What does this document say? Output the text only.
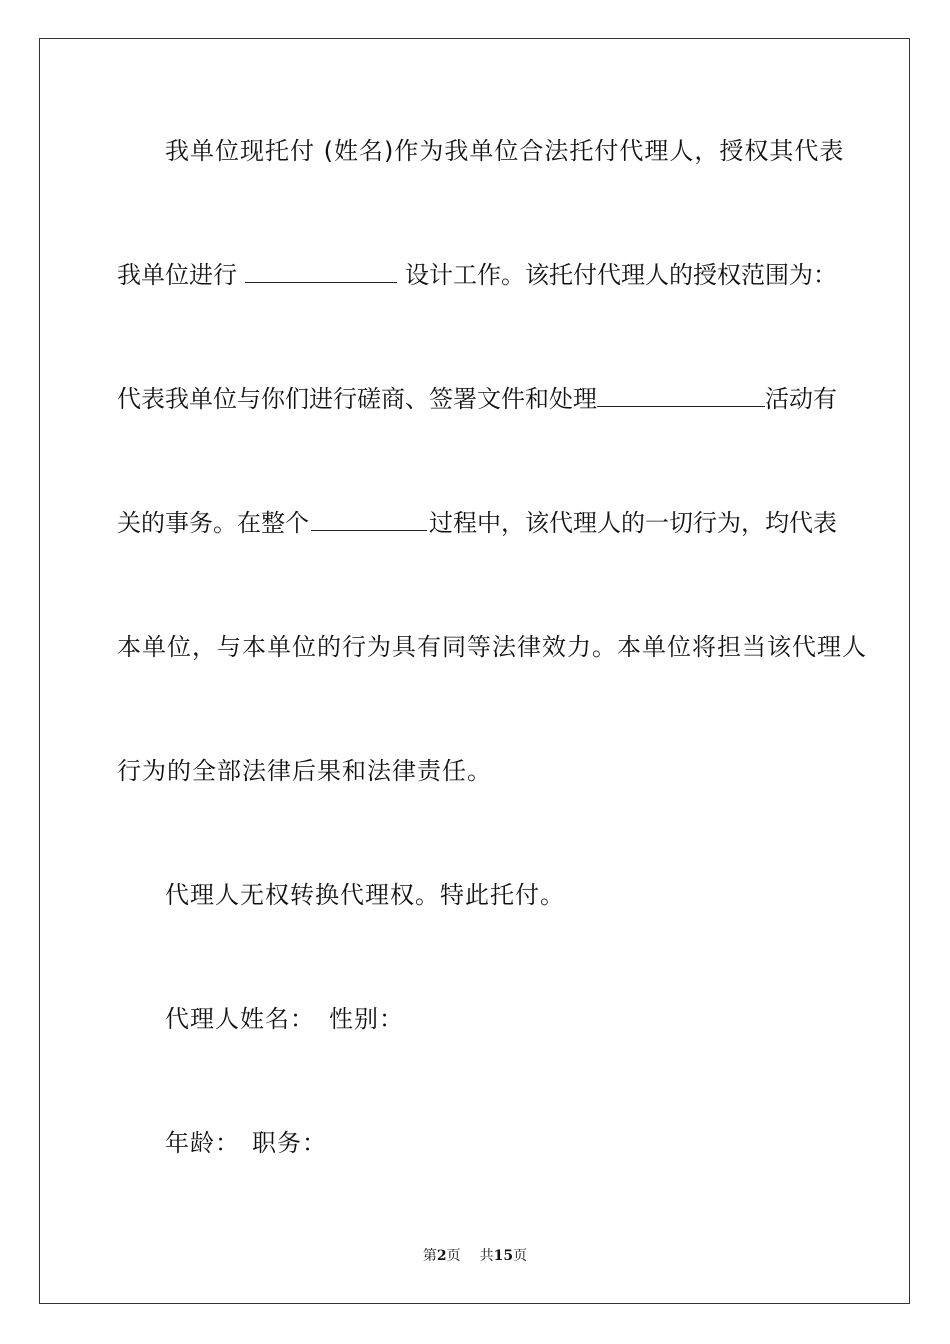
我单位现托付 (姓名)作为我单位合法托付代理人，授权其代表
我单位进行	设计工作。该托付代理人的授权范围为：
代表我单位与你们进行磋商、签署文件和处理	活动有
关的事务。在整个	过程中，该代理人的一切行为，均代表
本单位，与本单位的行为具有同等法律效力。本单位将担当该代理人
行为的全部法律后果和法律责任。
代理人无权转换代理权。特此托付。
代理人姓名： 性别：
年龄： 职务：
第2页 共15页
